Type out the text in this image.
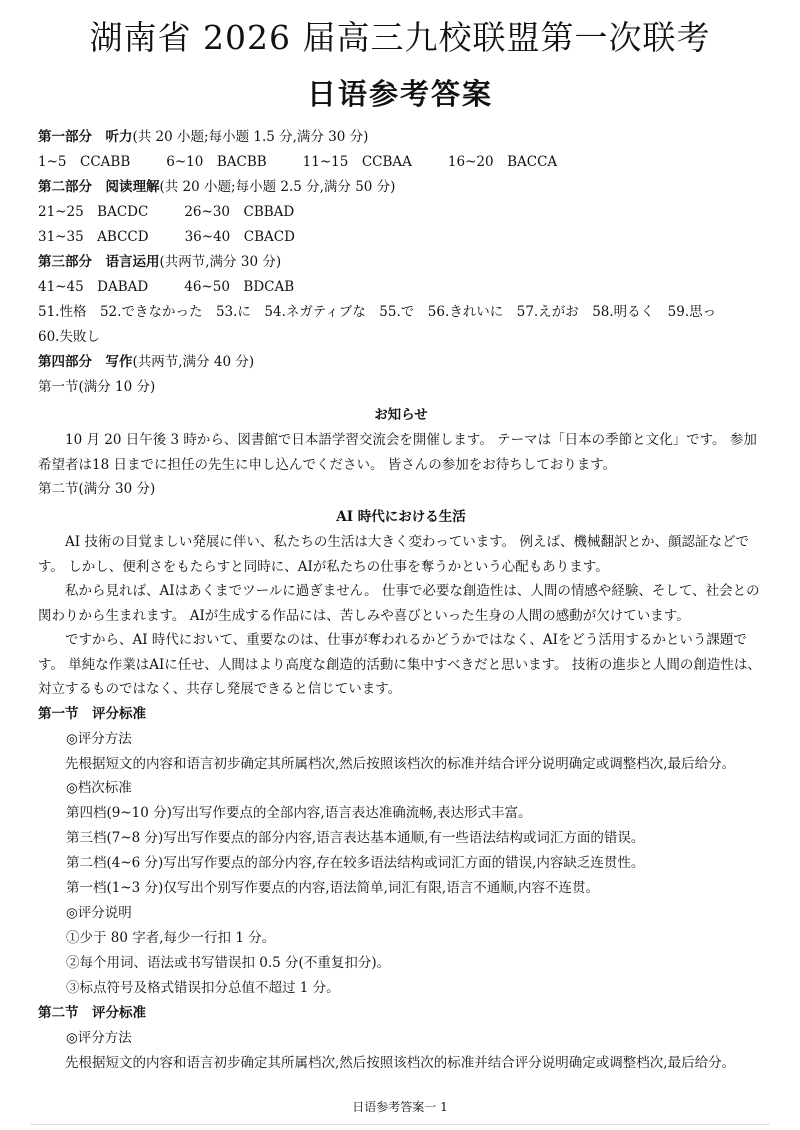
湖南省 2026 届高三九校联盟第一次联考
日语参考答案
第一部分　听力(共 20 小题;每小题 1.5 分,满分 30 分)
1~5　CCABB	6~10　BACBB	11~15　CCBAA	16~20　BACCA
第二部分　阅读理解(共 20 小题;每小题 2.5 分,满分 50 分)
21~25　BACDC	26~30　CBBAD
31~35　ABCCD	36~40　CBACD
第三部分　语言运用(共两节,满分 30 分)
41~45　DABAD	46~50　BDCAB
51.性格　52.できなかった　53.に　54.ネガティブな　55.で　56.きれいに　57.えがお　58.明るく　59.思っ
60.失敗し
第四部分　写作(共两节,满分 40 分)
第一节(满分 10 分)
お知らせ
10 月 20 日午後 3 時から、図書館で日本語学習交流会を開催します。 テーマは「日本の季節と文化」です。 参加希望者は18 日までに担任の先生に申し込んでください。 皆さんの参加をお待ちしております。
第二节(满分 30 分)
AI 時代における生活
AI 技術の目覚ましい発展に伴い、私たちの生活は大きく変わっています。 例えば、機械翻訳とか、顔認証などです。 しかし、便利さをもたらすと同時に、AIが私たちの仕事を奪うかという心配もあります。
私から見れば、AIはあくまでツールに過ぎません。 仕事で必要な創造性は、人間の情感や経験、そして、社会との関わりから生まれます。 AIが生成する作品には、苦しみや喜びといった生身の人間の感動が欠けています。
ですから、AI 時代において、重要なのは、仕事が奪われるかどうかではなく、AIをどう活用するかという課題です。 単純な作業はAIに任せ、人間はより高度な創造的活動に集中すべきだと思います。 技術の進歩と人間の創造性は、対立するものではなく、共存し発展できると信じています。
第一节　评分标准
◎评分方法
先根据短文的内容和语言初步确定其所属档次,然后按照该档次的标准并结合评分说明确定或调整档次,最后给分。
◎档次标准
第四档(9~10 分)写出写作要点的全部内容,语言表达准确流畅,表达形式丰富。
第三档(7~8 分)写出写作要点的部分内容,语言表达基本通顺,有一些语法结构或词汇方面的错误。
第二档(4~6 分)写出写作要点的部分内容,存在较多语法结构或词汇方面的错误,内容缺乏连贯性。
第一档(1~3 分)仅写出个别写作要点的内容,语法简单,词汇有限,语言不通顺,内容不连贯。
◎评分说明
①少于 80 字者,每少一行扣 1 分。
②每个用词、语法或书写错误扣 0.5 分(不重复扣分)。
③标点符号及格式错误扣分总值不超过 1 分。
第二节　评分标准
◎评分方法
先根据短文的内容和语言初步确定其所属档次,然后按照该档次的标准并结合评分说明确定或调整档次,最后给分。
日语参考答案一 1
